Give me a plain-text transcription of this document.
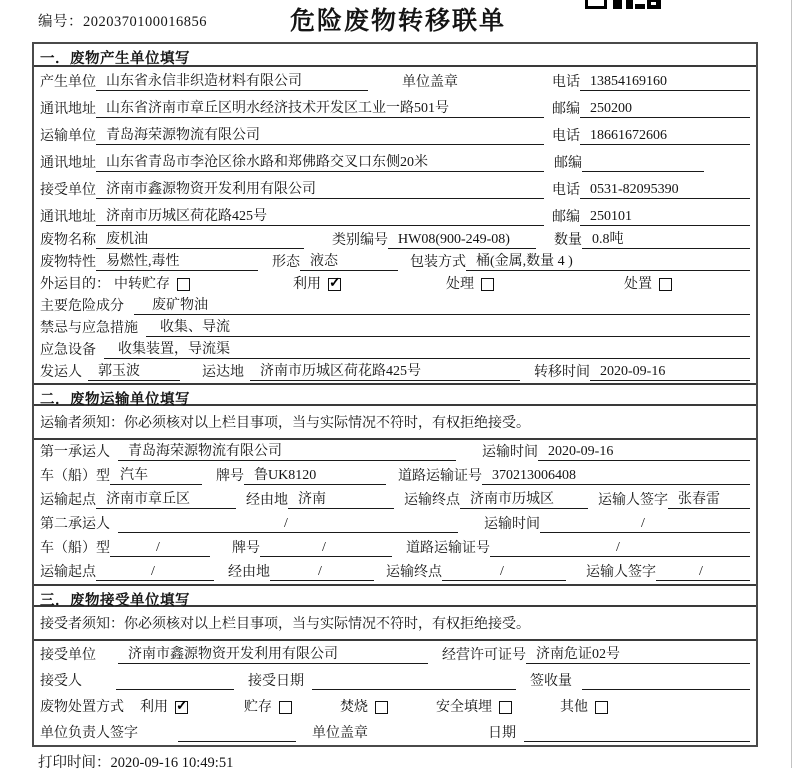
编号：2020370100016856	危险废物转移联单
一．废物产生单位填写
产生单位 山东省永信非织造材料有限公司	单位盖章	电话 13854169160
通讯地址 山东省济南市章丘区明水经济技术开发区工业一路501号	邮编 250200
运输单位 青岛海荣源物流有限公司	电话 18661672606
通讯地址 山东省青岛市李沧区徐水路和郑佛路交叉口东侧20米	邮编
接受单位 济南市鑫源物资开发利用有限公司	电话 0531-82095390
通讯地址 济南市历城区荷花路425号	邮编 250101
废物名称 废机油	类别编号 HW08(900-249-08)	数量 0.8吨
废物特性 易燃性,毒性	形态 液态	包装方式 桶(金属,数量 4 )
外运目的： 中转贮存	利用 ✓	处理	处置
主要危险成分	废矿物油
禁忌与应急措施	收集、导流
应急设备	收集装置，导流渠
发运人	郭玉波	运达地	济南市历城区荷花路425号	转移时间 2020-09-16
二．废物运输单位填写
运输者须知：你必须核对以上栏目事项，当与实际情况不符时，有权拒绝接受。
第一承运人	青岛海荣源物流有限公司	运输时间 2020-09-16
车（船）型 汽车	牌号 鲁UK8120	道路运输证号 370213006408
运输起点 济南市章丘区	经由地 济南	运输终点 济南市历城区	运输人签字 张春雷
第二承运人	/	运输时间	/
车（船）型	/	牌号	/	道路运输证号	/
运输起点	/	经由地	/	运输终点	/	运输人签字	/
三．废物接受单位填写
接受者须知：你必须核对以上栏目事项，当与实际情况不符时，有权拒绝接受。
接受单位	济南市鑫源物资开发利用有限公司	经营许可证号 济南危证02号
接受人	接受日期	签收量
废物处置方式 利用 ✓	贮存	焚烧	安全填埋	其他
单位负责人签字	单位盖章	日期
打印时间：2020-09-16 10:49:51
